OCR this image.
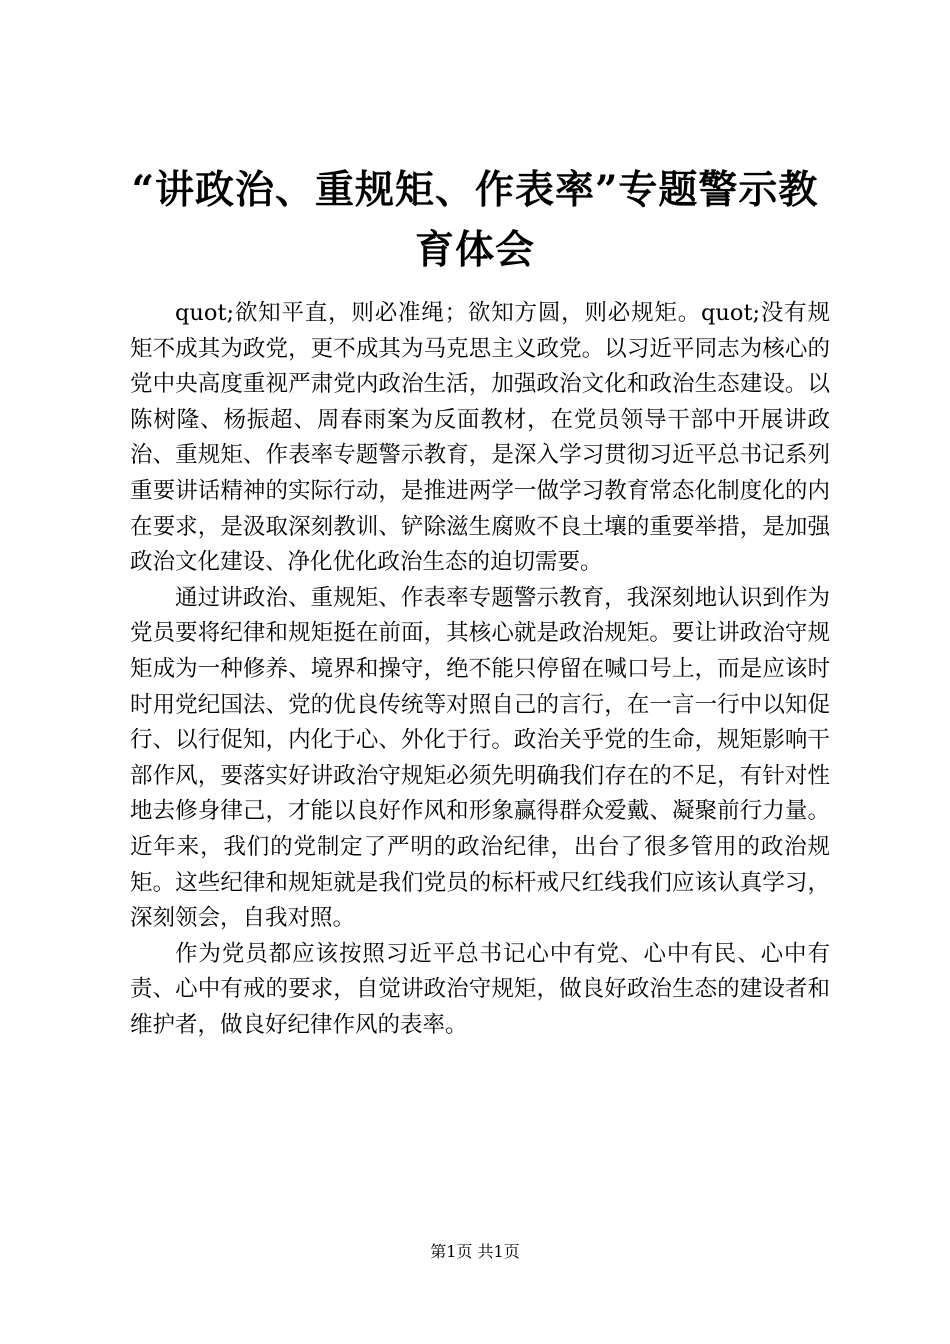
“讲政治、重规矩、作表率”专题警示教育体会

quot;欲知平直，则必准绳；欲知方圆，则必规矩。quot;没有规矩不成其为政党，更不成其为马克思主义政党。以习近平同志为核心的党中央高度重视严肃党内政治生活，加强政治文化和政治生态建设。以陈树隆、杨振超、周春雨案为反面教材，在党员领导干部中开展讲政治、重规矩、作表率专题警示教育，是深入学习贯彻习近平总书记系列重要讲话精神的实际行动，是推进两学一做学习教育常态化制度化的内在要求，是汲取深刻教训、铲除滋生腐败不良土壤的重要举措，是加强政治文化建设、净化优化政治生态的迫切需要。

通过讲政治、重规矩、作表率专题警示教育，我深刻地认识到作为党员要将纪律和规矩挺在前面，其核心就是政治规矩。要让讲政治守规矩成为一种修养、境界和操守，绝不能只停留在喊口号上，而是应该时时用党纪国法、党的优良传统等对照自己的言行，在一言一行中以知促行、以行促知，内化于心、外化于行。政治关乎党的生命，规矩影响干部作风，要落实好讲政治守规矩必须先明确我们存在的不足，有针对性地去修身律己，才能以良好作风和形象赢得群众爱戴、凝聚前行力量。近年来，我们的党制定了严明的政治纪律，出台了很多管用的政治规矩。这些纪律和规矩就是我们党员的标杆戒尺红线我们应该认真学习，深刻领会，自我对照。

作为党员都应该按照习近平总书记心中有党、心中有民、心中有责、心中有戒的要求，自觉讲政治守规矩，做良好政治生态的建设者和维护者，做良好纪律作风的表率。

第1页 共1页
